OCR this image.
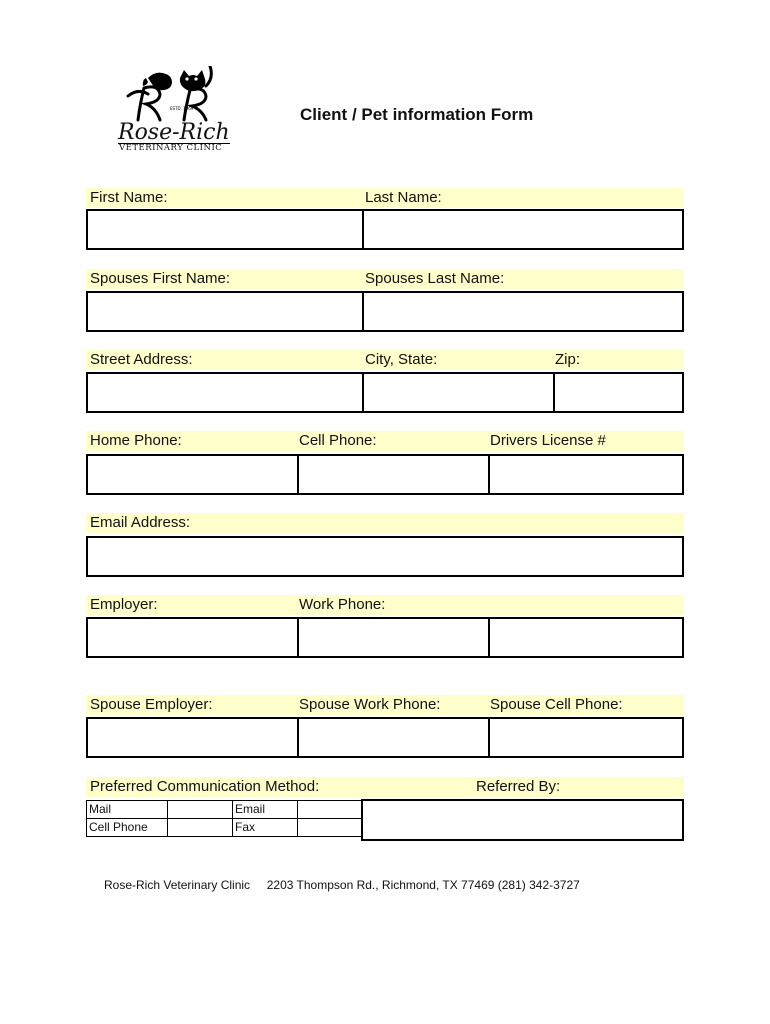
ESTD. 1969
Rose-Rich
VETERINARY CLINIC
Client / Pet information Form
First Name:	Last Name:
Spouses First Name:	Spouses Last Name:
Street Address:	City, State:	Zip:
Home Phone:	Cell Phone:	Drivers License #
Email Address:
Employer:	Work Phone:
Spouse Employer:	Spouse Work Phone:	Spouse Cell Phone:
Preferred Communication Method:	Referred By:
Mail		Email	
Cell Phone		Fax	
Rose-Rich Veterinary Clinic 2203 Thompson Rd., Richmond, TX 77469 (281) 342-3727
